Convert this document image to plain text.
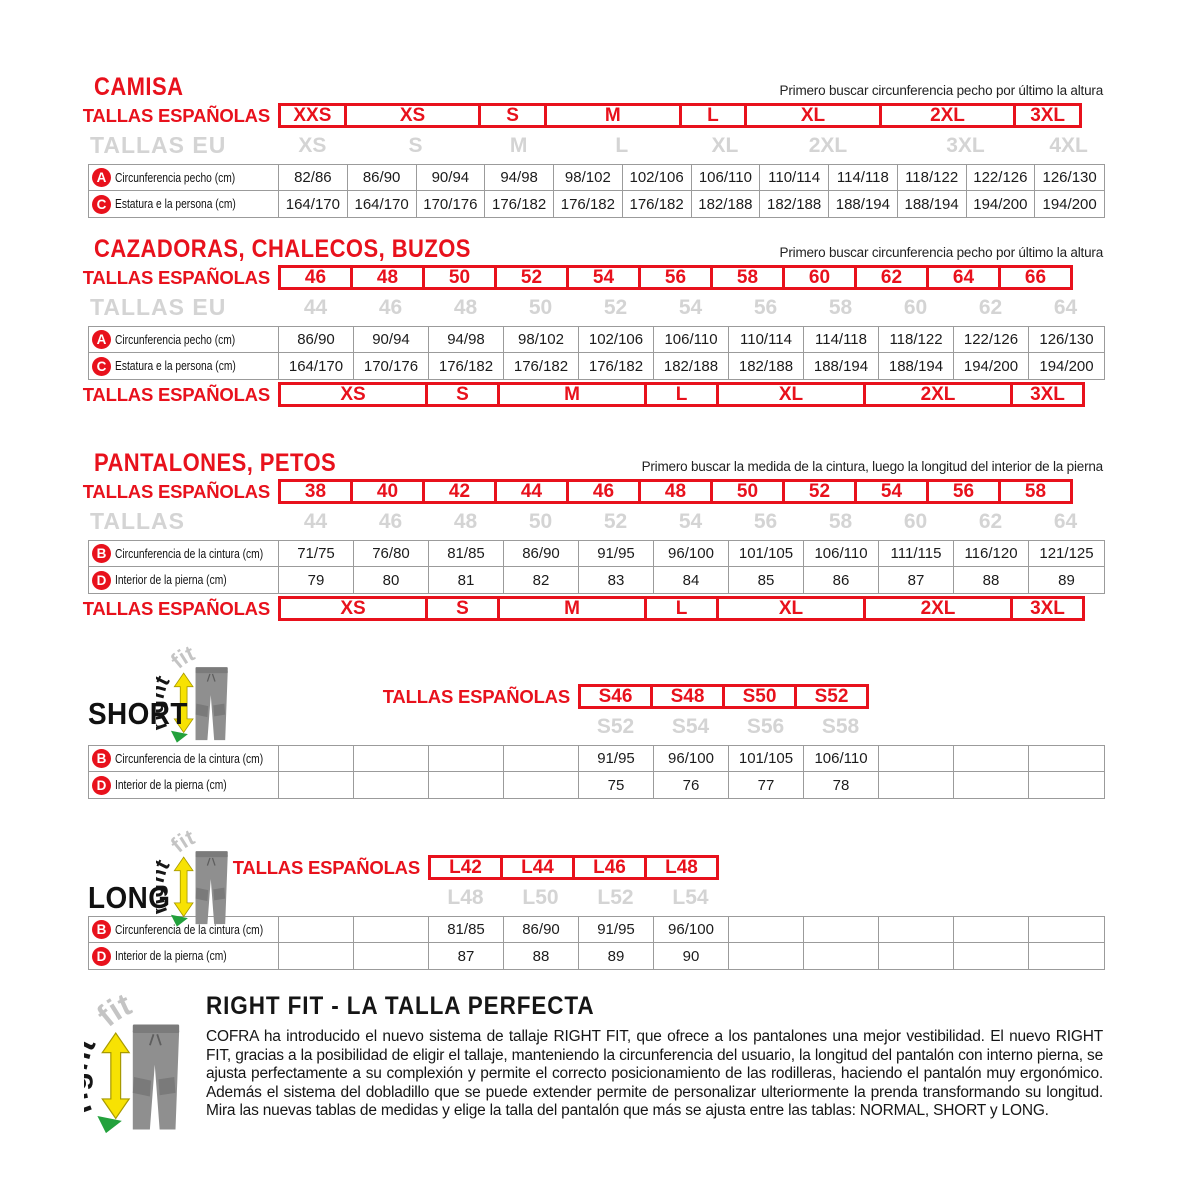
CAMISA	Primero buscar circunferencia pecho por último la altura
TALLAS ESPAÑOLAS	XXS	XS	S	M	L	XL	2XL	3XL
TALLAS EU	XS	S	M	L	XL	2XL	3XL	4XL
A Circunferencia pecho (cm)	82/86	86/90	90/94	94/98	98/102	102/106	106/110	110/114	114/118	118/122	122/126	126/130
C Estatura e la persona (cm)	164/170 164/170 170/176 176/182 176/182 176/182 182/188 182/188 188/194 188/194 194/200	194/200
CAZADORAS, CHALECOS, BUZOS	Primero buscar circunferencia pecho por último la altura
TALLAS ESPAÑOLAS	46	48	50	52	54	56	58	60	62	64	66
TALLAS EU	44	46	48	50	52	54	56	58	60	62	64
A Circunferencia pecho (cm)	86/90	90/94	94/98	98/102	102/106	106/110	110/114	114/118	118/122	122/126	126/130
C Estatura e la persona (cm)	164/170	170/176	176/182	176/182	176/182	182/188	182/188	188/194	188/194	194/200	194/200
TALLAS ESPAÑOLAS	XS	S	M	L	XL	2XL	3XL
PANTALONES, PETOS	Primero buscar la medida de la cintura, luego la longitud del interior de la pierna
TALLAS ESPAÑOLAS	38	40	42	44	46	48	50	52	54	56	58
TALLAS	44	46	48	50	52	54	56	58	60	62	64
B Circunferencia de la cintura (cm)	71/75	76/80	81/85	86/90	91/95	96/100	101/105	106/110	111/115	116/120	121/125
D Interior de la pierna (cm)	79	80	81	82	83	84	85	86	87	88	89
TALLAS ESPAÑOLAS	XS	S	M	L	XL	2XL	3XL
SHORT	TALLAS ESPAÑOLAS	S46	S48	S50	S52
S52	S54	S56	S58
B Circunferencia de la cintura (cm)	91/95	96/100	101/105	106/110
D Interior de la pierna (cm)	75	76	77	78
LONG
TALLAS ESPAÑOLAS	L42	L44	L46	L48
L48	L50	L52	L54
B Circunferencia de la cintura (cm)	81/85	86/90	91/95	96/100
D Interior de la pierna (cm)	87	88	89	90
RIGHT FIT - LA TALLA PERFECTA

COFRA ha introducido el nuevo sistema de tallaje RIGHT FIT, que ofrece a los pantalones una mejor vestibilidad. El nuevo RIGHT FIT, gracias a la posibilidad de eligir el tallaje, manteniendo la circunferencia del usuario, la longitud del pantalón con interno pierna, se ajusta perfectamente a su complexión y permite el correcto posicionamiento de las rodilleras, haciendo el pantalón muy ergonómico. Además el sistema del dobladillo que se puede extender permite de personalizar ulteriormente la prenda transformando su longitud. Mira las nuevas tablas de medidas y elige la talla del pantalón que más se ajusta entre las tablas: NORMAL, SHORT y LONG.
